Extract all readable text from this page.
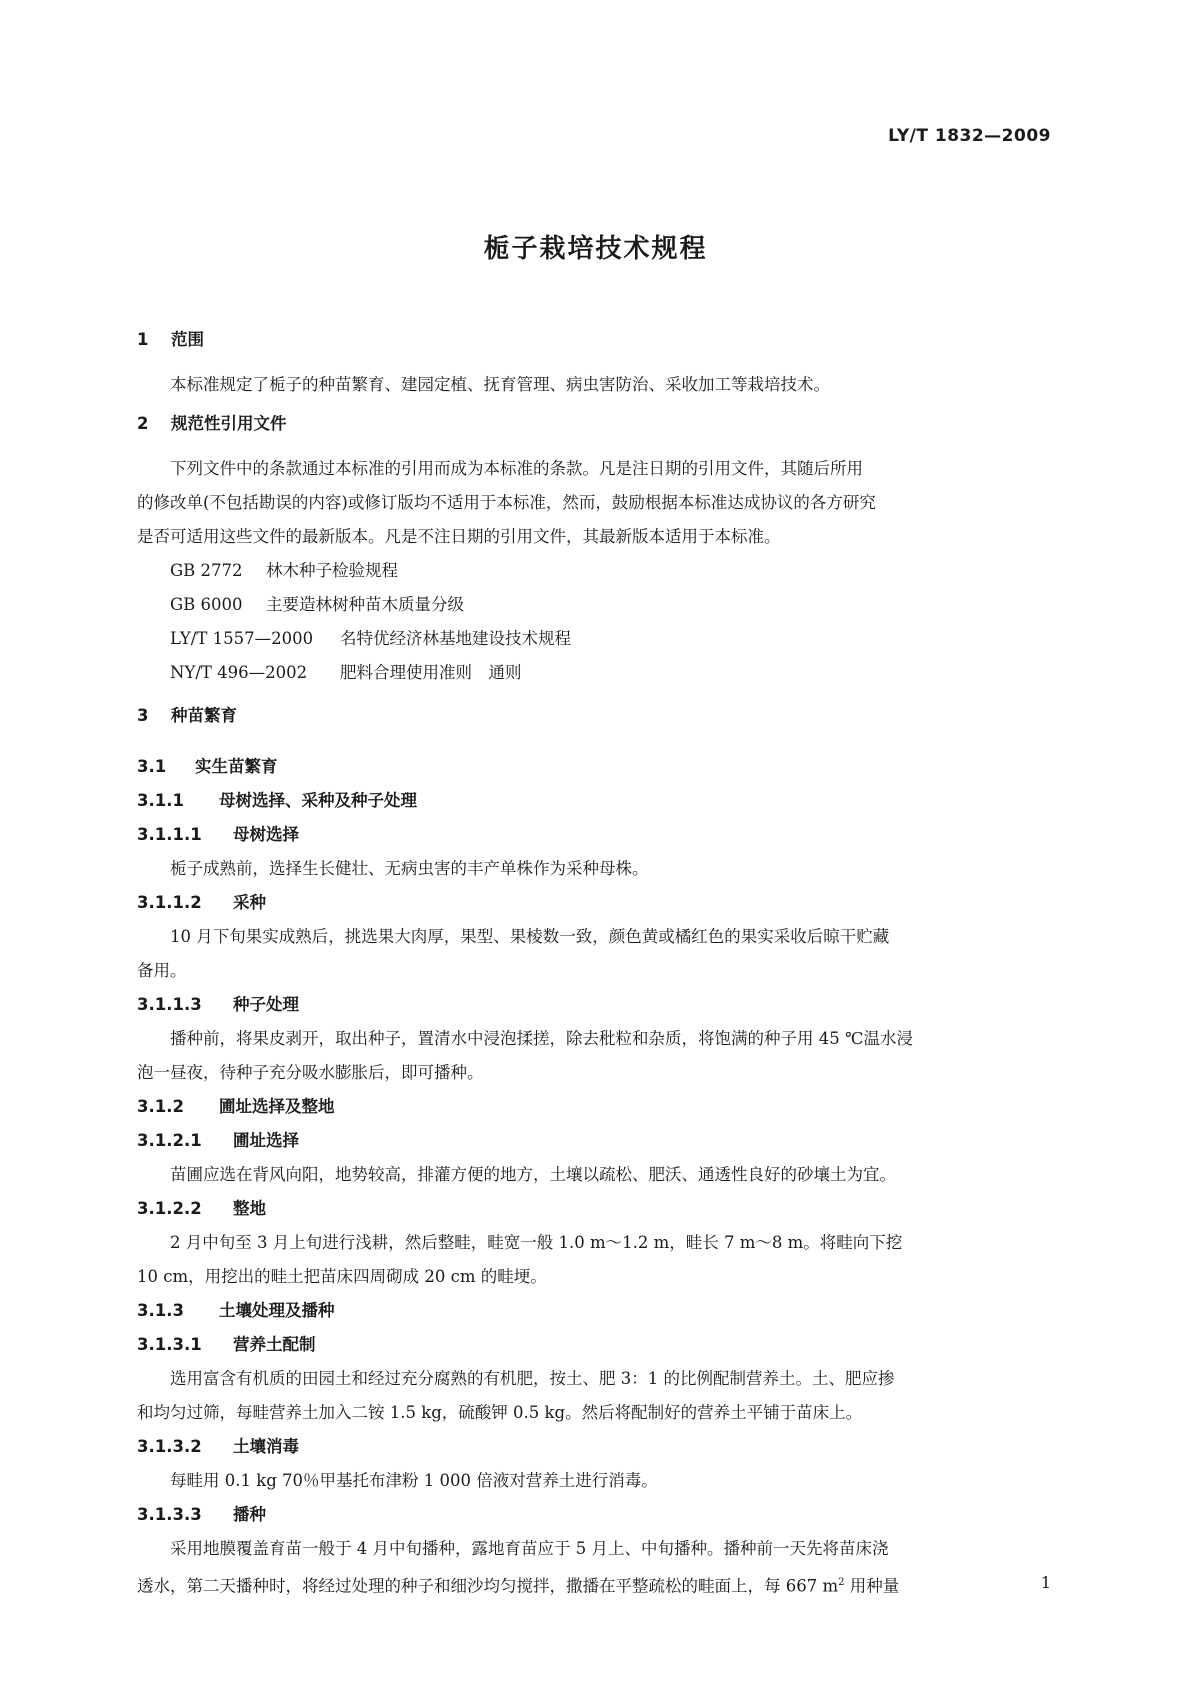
LY/T 1832—2009
栀子栽培技术规程
1 范围

本标准规定了栀子的种苗繁育、建园定植、抚育管理、病虫害防治、采收加工等栽培技术。

2 规范性引用文件
下列文件中的条款通过本标准的引用而成为本标准的条款。凡是注日期的引用文件，其随后所用
的修改单(不包括勘误的内容)或修订版均不适用于本标准，然而，鼓励根据本标准达成协议的各方研究
是否可适用这些文件的最新版本。凡是不注日期的引用文件，其最新版本适用于本标准。
GB 2772 林木种子检验规程
GB 6000 主要造林树种苗木质量分级
LY/T 1557—2000 名特优经济林基地建设技术规程
NY/T 496—2002 肥料合理使用准则　通则
3 种苗繁育
3.1 实生苗繁育
3.1.1 母树选择、采种及种子处理
3.1.1.1 母树选择
栀子成熟前，选择生长健壮、无病虫害的丰产单株作为采种母株。
3.1.1.2 采种
10 月下旬果实成熟后，挑选果大肉厚，果型、果棱数一致，颜色黄或橘红色的果实采收后晾干贮藏
备用。
3.1.1.3 种子处理
播种前，将果皮剥开，取出种子，置清水中浸泡揉搓，除去秕粒和杂质，将饱满的种子用 45 ℃温水浸
泡一昼夜，待种子充分吸水膨胀后，即可播种。
3.1.2 圃址选择及整地
3.1.2.1 圃址选择
苗圃应选在背风向阳，地势较高，排灌方便的地方，土壤以疏松、肥沃、通透性良好的砂壤土为宜。
3.1.2.2 整地
2 月中旬至 3 月上旬进行浅耕，然后整畦，畦宽一般 1.0 m～1.2 m，畦长 7 m～8 m。将畦向下挖
10 cm，用挖出的畦土把苗床四周砌成 20 cm 的畦埂。
3.1.3 土壤处理及播种
3.1.3.1 营养土配制
选用富含有机质的田园土和经过充分腐熟的有机肥，按土、肥 3：1 的比例配制营养土。土、肥应掺
和均匀过筛，每畦营养土加入二铵 1.5 kg，硫酸钾 0.5 kg。然后将配制好的营养土平铺于苗床上。
3.1.3.2 土壤消毒
每畦用 0.1 kg 70％甲基托布津粉 1 000 倍液对营养土进行消毒。
3.1.3.3 播种
采用地膜覆盖育苗一般于 4 月中旬播种，露地育苗应于 5 月上、中旬播种。播种前一天先将苗床浇
透水，第二天播种时，将经过处理的种子和细沙均匀搅拌，撒播在平整疏松的畦面上，每 667 $m^2$ 用种量	1
